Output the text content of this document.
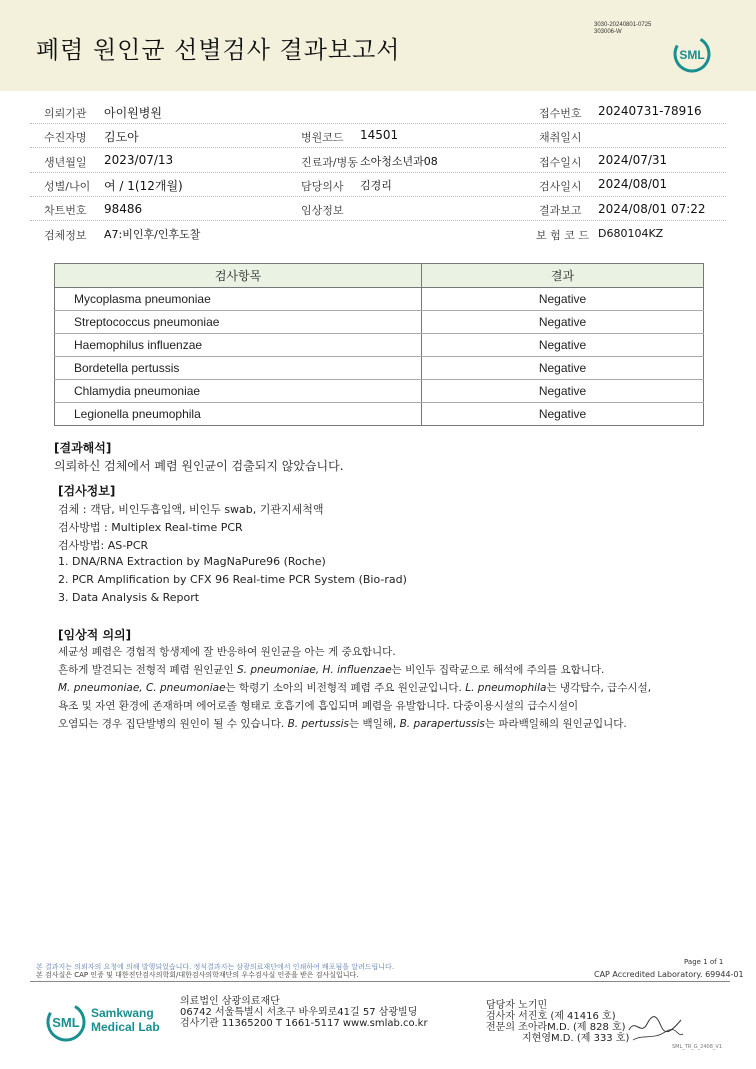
폐렴 원인균 선별검사 결과보고서
3030-20240801-0725
303006-W
SML
의뢰기관 아이원병원	접수번호 20240731-78916
수진자명 김도아	병원코드 14501	채취일시
생년월일 2023/07/13	진료과/병동 소아청소년과08	접수일시 2024/07/31
성별/나이 여 / 1(12개월)	담당의사 김경리	검사일시 2024/08/01
차트번호 98486	임상정보	결과보고 2024/08/01 07:22
검체정보 A7:비인후/인후도찰	보 험 코 드 D680104KZ
검사항목	결과
Mycoplasma pneumoniae	Negative
Streptococcus pneumoniae	Negative
Haemophilus influenzae	Negative
Bordetella pertussis	Negative
Chlamydia pneumoniae	Negative
Legionella pneumophila	Negative
[결과해석]
의뢰하신 검체에서 폐렴 원인균이 검출되지 않았습니다.
[검사정보]
검체 : 객담, 비인두흡입액, 비인두 swab, 기관지세척액
검사방법 : Multiplex Real-time PCR
검사방법: AS-PCR
1. DNA/RNA Extraction by MagNaPure96 (Roche)
2. PCR Amplification by CFX 96 Real-time PCR System (Bio-rad)
3. Data Analysis & Report
[임상적 의의]
세균성 폐렴은 경험적 항생제에 잘 반응하여 원인균을 아는 게 중요합니다.
흔하게 발견되는 전형적 폐렴 원인균인 S. pneumoniae, H. influenzae는 비인두 집락균으로 해석에 주의를 요합니다.
M. pneumoniae, C. pneumoniae는 학령기 소아의 비전형적 폐렴 주요 원인균입니다. L. pneumophila는 냉각탑수, 급수시설,
욕조 및 자연 환경에 존재하며 에어로졸 형태로 호흡기에 흡입되며 폐렴을 유발합니다. 다중이용시설의 급수시설이
오염되는 경우 집단발병의 원인이 될 수 있습니다. B. pertussis는 백일해, B. parapertussis는 파라백일해의 원인균입니다.
본 결과지는 의뢰자의 요청에 의해 발행되었습니다. 정식결과지는 삼광의료재단에서 인쇄하여 배포됨을 알려드립니다.
본 검사실은 CAP 인증 및 대한진단검사의학회/대한검사의학재단의 우수검사실 인증을 받은 검사실입니다.
Page 1 of 1
CAP Accredited Laboratory. 69944-01
SML
Samkwang
Medical Lab
의료법인 삼광의료재단
06742 서울특별시 서초구 바우뫼로41길 57 삼광빌딩
검사기관 11365200 T 1661-5117 www.smlab.co.kr
담당자 노기민
검사자 서진호 (제 41416 호)
전문의 조아라M.D. (제 828 호)
지현영M.D. (제 333 호)
SML_TR_G_2408_V1
